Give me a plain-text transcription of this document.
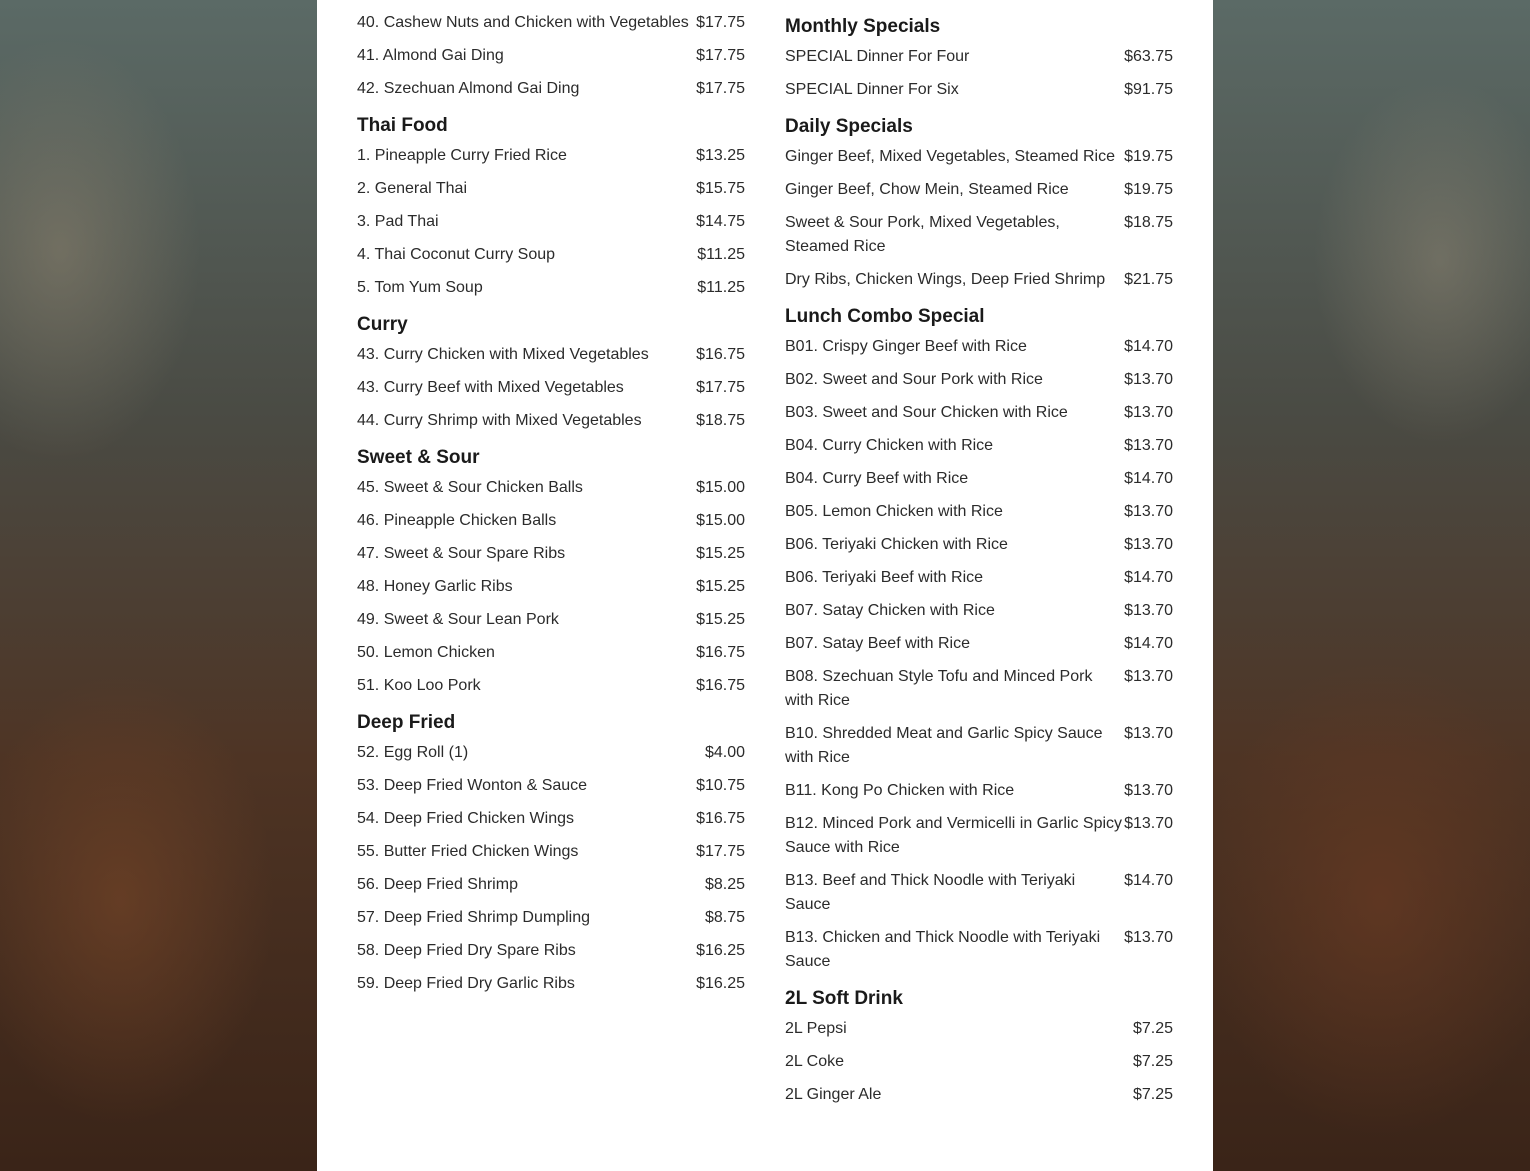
40. Cashew Nuts and Chicken with Vegetables $17.75
41. Almond Gai Ding	$17.75
42. Szechuan Almond Gai Ding	$17.75
Thai Food
1. Pineapple Curry Fried Rice	$13.25
2. General Thai	$15.75
3. Pad Thai	$14.75
4. Thai Coconut Curry Soup	$11.25
5. Tom Yum Soup	$11.25
Curry
43. Curry Chicken with Mixed Vegetables	$16.75
43. Curry Beef with Mixed Vegetables	$17.75
44. Curry Shrimp with Mixed Vegetables	$18.75
Sweet & Sour
45. Sweet & Sour Chicken Balls	$15.00
46. Pineapple Chicken Balls	$15.00
47. Sweet & Sour Spare Ribs	$15.25
48. Honey Garlic Ribs	$15.25
49. Sweet & Sour Lean Pork	$15.25
50. Lemon Chicken	$16.75
51. Koo Loo Pork	$16.75
Deep Fried
52. Egg Roll (1)	$4.00
53. Deep Fried Wonton & Sauce	$10.75
54. Deep Fried Chicken Wings	$16.75
55. Butter Fried Chicken Wings	$17.75
56. Deep Fried Shrimp	$8.25
57. Deep Fried Shrimp Dumpling	$8.75
58. Deep Fried Dry Spare Ribs	$16.25
59. Deep Fried Dry Garlic Ribs	$16.25
Monthly Specials
SPECIAL Dinner For Four	$63.75
SPECIAL Dinner For Six	$91.75
Daily Specials
Ginger Beef, Mixed Vegetables, Steamed Rice $19.75
Ginger Beef, Chow Mein, Steamed Rice	$19.75
Sweet & Sour Pork, Mixed Vegetables, Steamed Rice
$18.75
Dry Ribs, Chicken Wings, Deep Fried Shrimp	$21.75
Lunch Combo Special
B01. Crispy Ginger Beef with Rice	$14.70
B02. Sweet and Sour Pork with Rice	$13.70
B03. Sweet and Sour Chicken with Rice	$13.70
B04. Curry Chicken with Rice	$13.70
B04. Curry Beef with Rice	$14.70
B05. Lemon Chicken with Rice	$13.70
B06. Teriyaki Chicken with Rice	$13.70
B06. Teriyaki Beef with Rice	$14.70
B07. Satay Chicken with Rice	$13.70
B07. Satay Beef with Rice	$14.70
B08. Szechuan Style Tofu and Minced Pork with Rice
$13.70
B10. Shredded Meat and Garlic Spicy Sauce with Rice
$13.70
B11. Kong Po Chicken with Rice	$13.70
B12. Minced Pork and Vermicelli in Garlic Spicy Sauce with Rice
$13.70
B13. Beef and Thick Noodle with Teriyaki Sauce
$14.70
B13. Chicken and Thick Noodle with Teriyaki Sauce
$13.70
2L Soft Drink
2L Pepsi	$7.25
2L Coke	$7.25
2L Ginger Ale	$7.25
